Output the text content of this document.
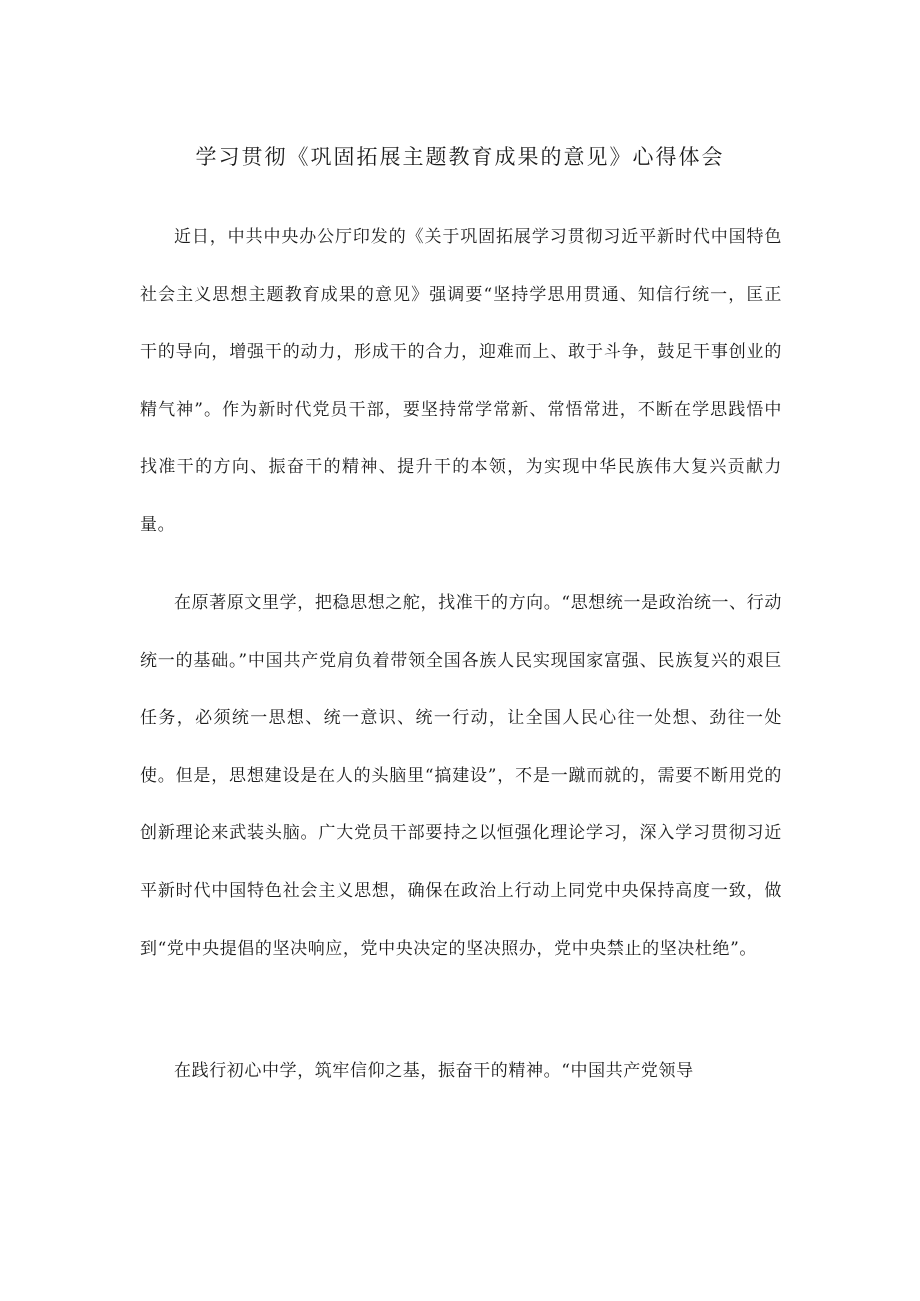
学习贯彻《巩固拓展主题教育成果的意见》心得体会

近日，中共中央办公厅印发的《关于巩固拓展学习贯彻习近平新时代中国特色社会主义思想主题教育成果的意见》强调要“坚持学思用贯通、知信行统一，匡正干的导向，增强干的动力，形成干的合力，迎难而上、敢于斗争，鼓足干事创业的精气神”。作为新时代党员干部，要坚持常学常新、常悟常进，不断在学思践悟中找准干的方向、振奋干的精神、提升干的本领，为实现中华民族伟大复兴贡献力量。

在原著原文里学，把稳思想之舵，找准干的方向。“思想统一是政治统一、行动统一的基础。”中国共产党肩负着带领全国各族人民实现国家富强、民族复兴的艰巨任务，必须统一思想、统一意识、统一行动，让全国人民心往一处想、劲往一处使。但是，思想建设是在人的头脑里“搞建设”，不是一蹴而就的，需要不断用党的创新理论来武装头脑。广大党员干部要持之以恒强化理论学习，深入学习贯彻习近平新时代中国特色社会主义思想，确保在政治上行动上同党中央保持高度一致，做到“党中央提倡的坚决响应，党中央决定的坚决照办，党中央禁止的坚决杜绝”。

在践行初心中学，筑牢信仰之基，振奋干的精神。“中国共产党领导
